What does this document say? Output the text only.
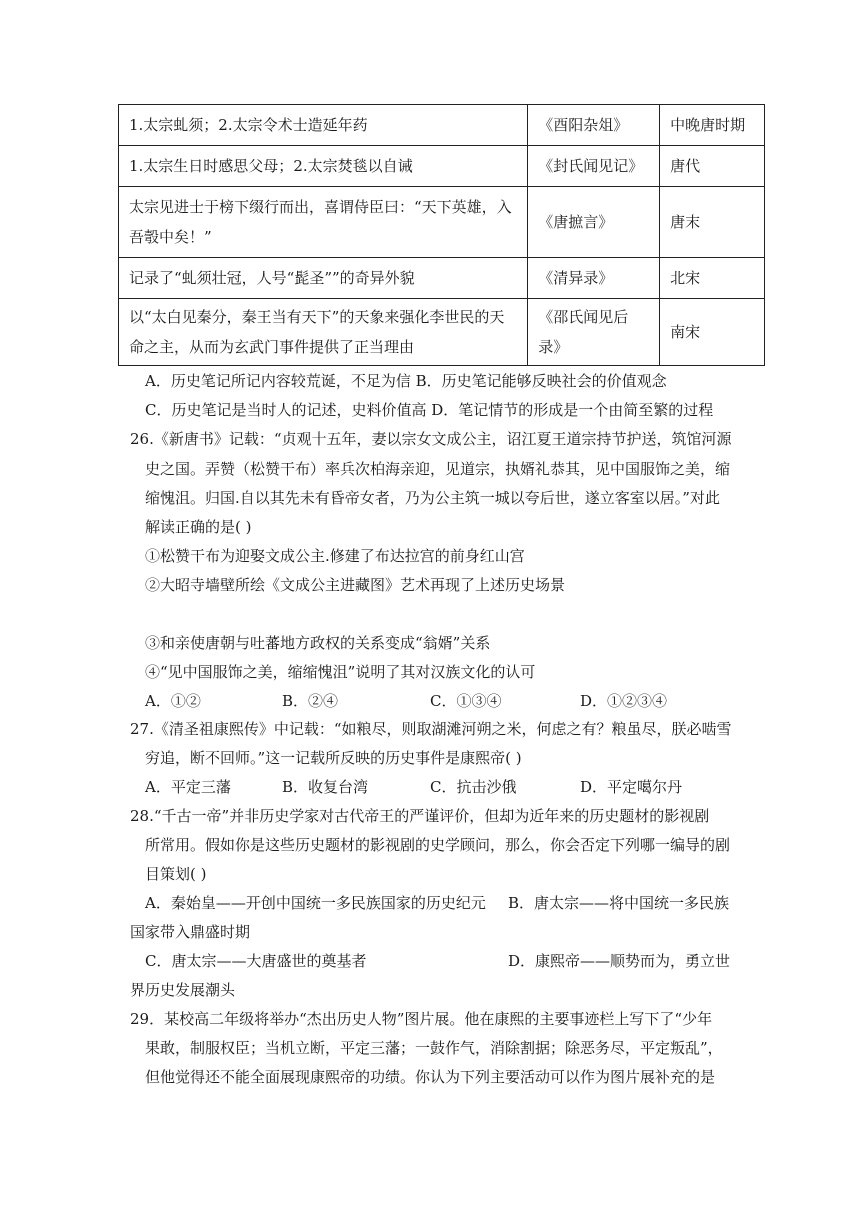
1.太宗虬须；2.太宗令术士造延年药	《酉阳杂俎》	中晚唐时期
1.太宗生日时感思父母；2.太宗焚毯以自诫	《封氏闻见记》	唐代
太宗见进士于榜下缀行而出，喜谓侍臣曰：“天下英雄，入吾彀中矣！”	《唐摭言》	唐末
记录了“虬须壮冠，人号“髭圣””的奇异外貌	《清异录》	北宋
以“太白见秦分，秦王当有天下”的天象来强化李世民的天命之主，从而为玄武门事件提供了正当理由	《邵氏闻见后录》	南宋
A．历史笔记所记内容较荒诞，不足为信 B．历史笔记能够反映社会的价值观念
C．历史笔记是当时人的记述，史料价值高 D．笔记情节的形成是一个由简至繁的过程
26.《新唐书》记载：“贞观十五年，妻以宗女文成公主，诏江夏王道宗持节护送，筑馆河源
史之国。弄赞（松赞干布）率兵次柏海亲迎，见道宗，执婿礼恭其，见中国服饰之美，缩
缩愧沮。归国.自以其先未有昏帝女者，乃为公主筑一城以夸后世，遂立客室以居。”对此
解读正确的是( )
①松赞干布为迎娶文成公主.修建了布达拉宫的前身红山宫
②大昭寺墙壁所绘《文成公主进藏图》艺术再现了上述历史场景
③和亲使唐朝与吐蕃地方政权的关系变成“翁婿”关系
④“见中国服饰之美，缩缩愧沮”说明了其对汉族文化的认可
A．①②	B．②④	C．①③④	D．①②③④
27.《清圣祖康熙传》中记载：“如粮尽，则取湖滩河朔之米，何虑之有？粮虽尽，朕必啮雪
穷追，断不回师。”这一记载所反映的历史事件是康熙帝( )
A．平定三藩	B．收复台湾	C．抗击沙俄	D．平定噶尔丹
28.“千古一帝”并非历史学家对古代帝王的严谨评价，但却为近年来的历史题材的影视剧
所常用。假如你是这些历史题材的影视剧的史学顾问，那么，你会否定下列哪一编导的剧
目策划( )
A．秦始皇——开创中国统一多民族国家的历史纪元 B．唐太宗——将中国统一多民族
国家带入鼎盛时期
C．唐太宗——大唐盛世的奠基者	D．康熙帝——顺势而为，勇立世
界历史发展潮头
29．某校高二年级将举办“杰出历史人物”图片展。他在康熙的主要事迹栏上写下了“少年
果敢，制服权臣；当机立断，平定三藩；一鼓作气，消除割据；除恶务尽，平定叛乱”，
但他觉得还不能全面展现康熙帝的功绩。你认为下列主要活动可以作为图片展补充的是
